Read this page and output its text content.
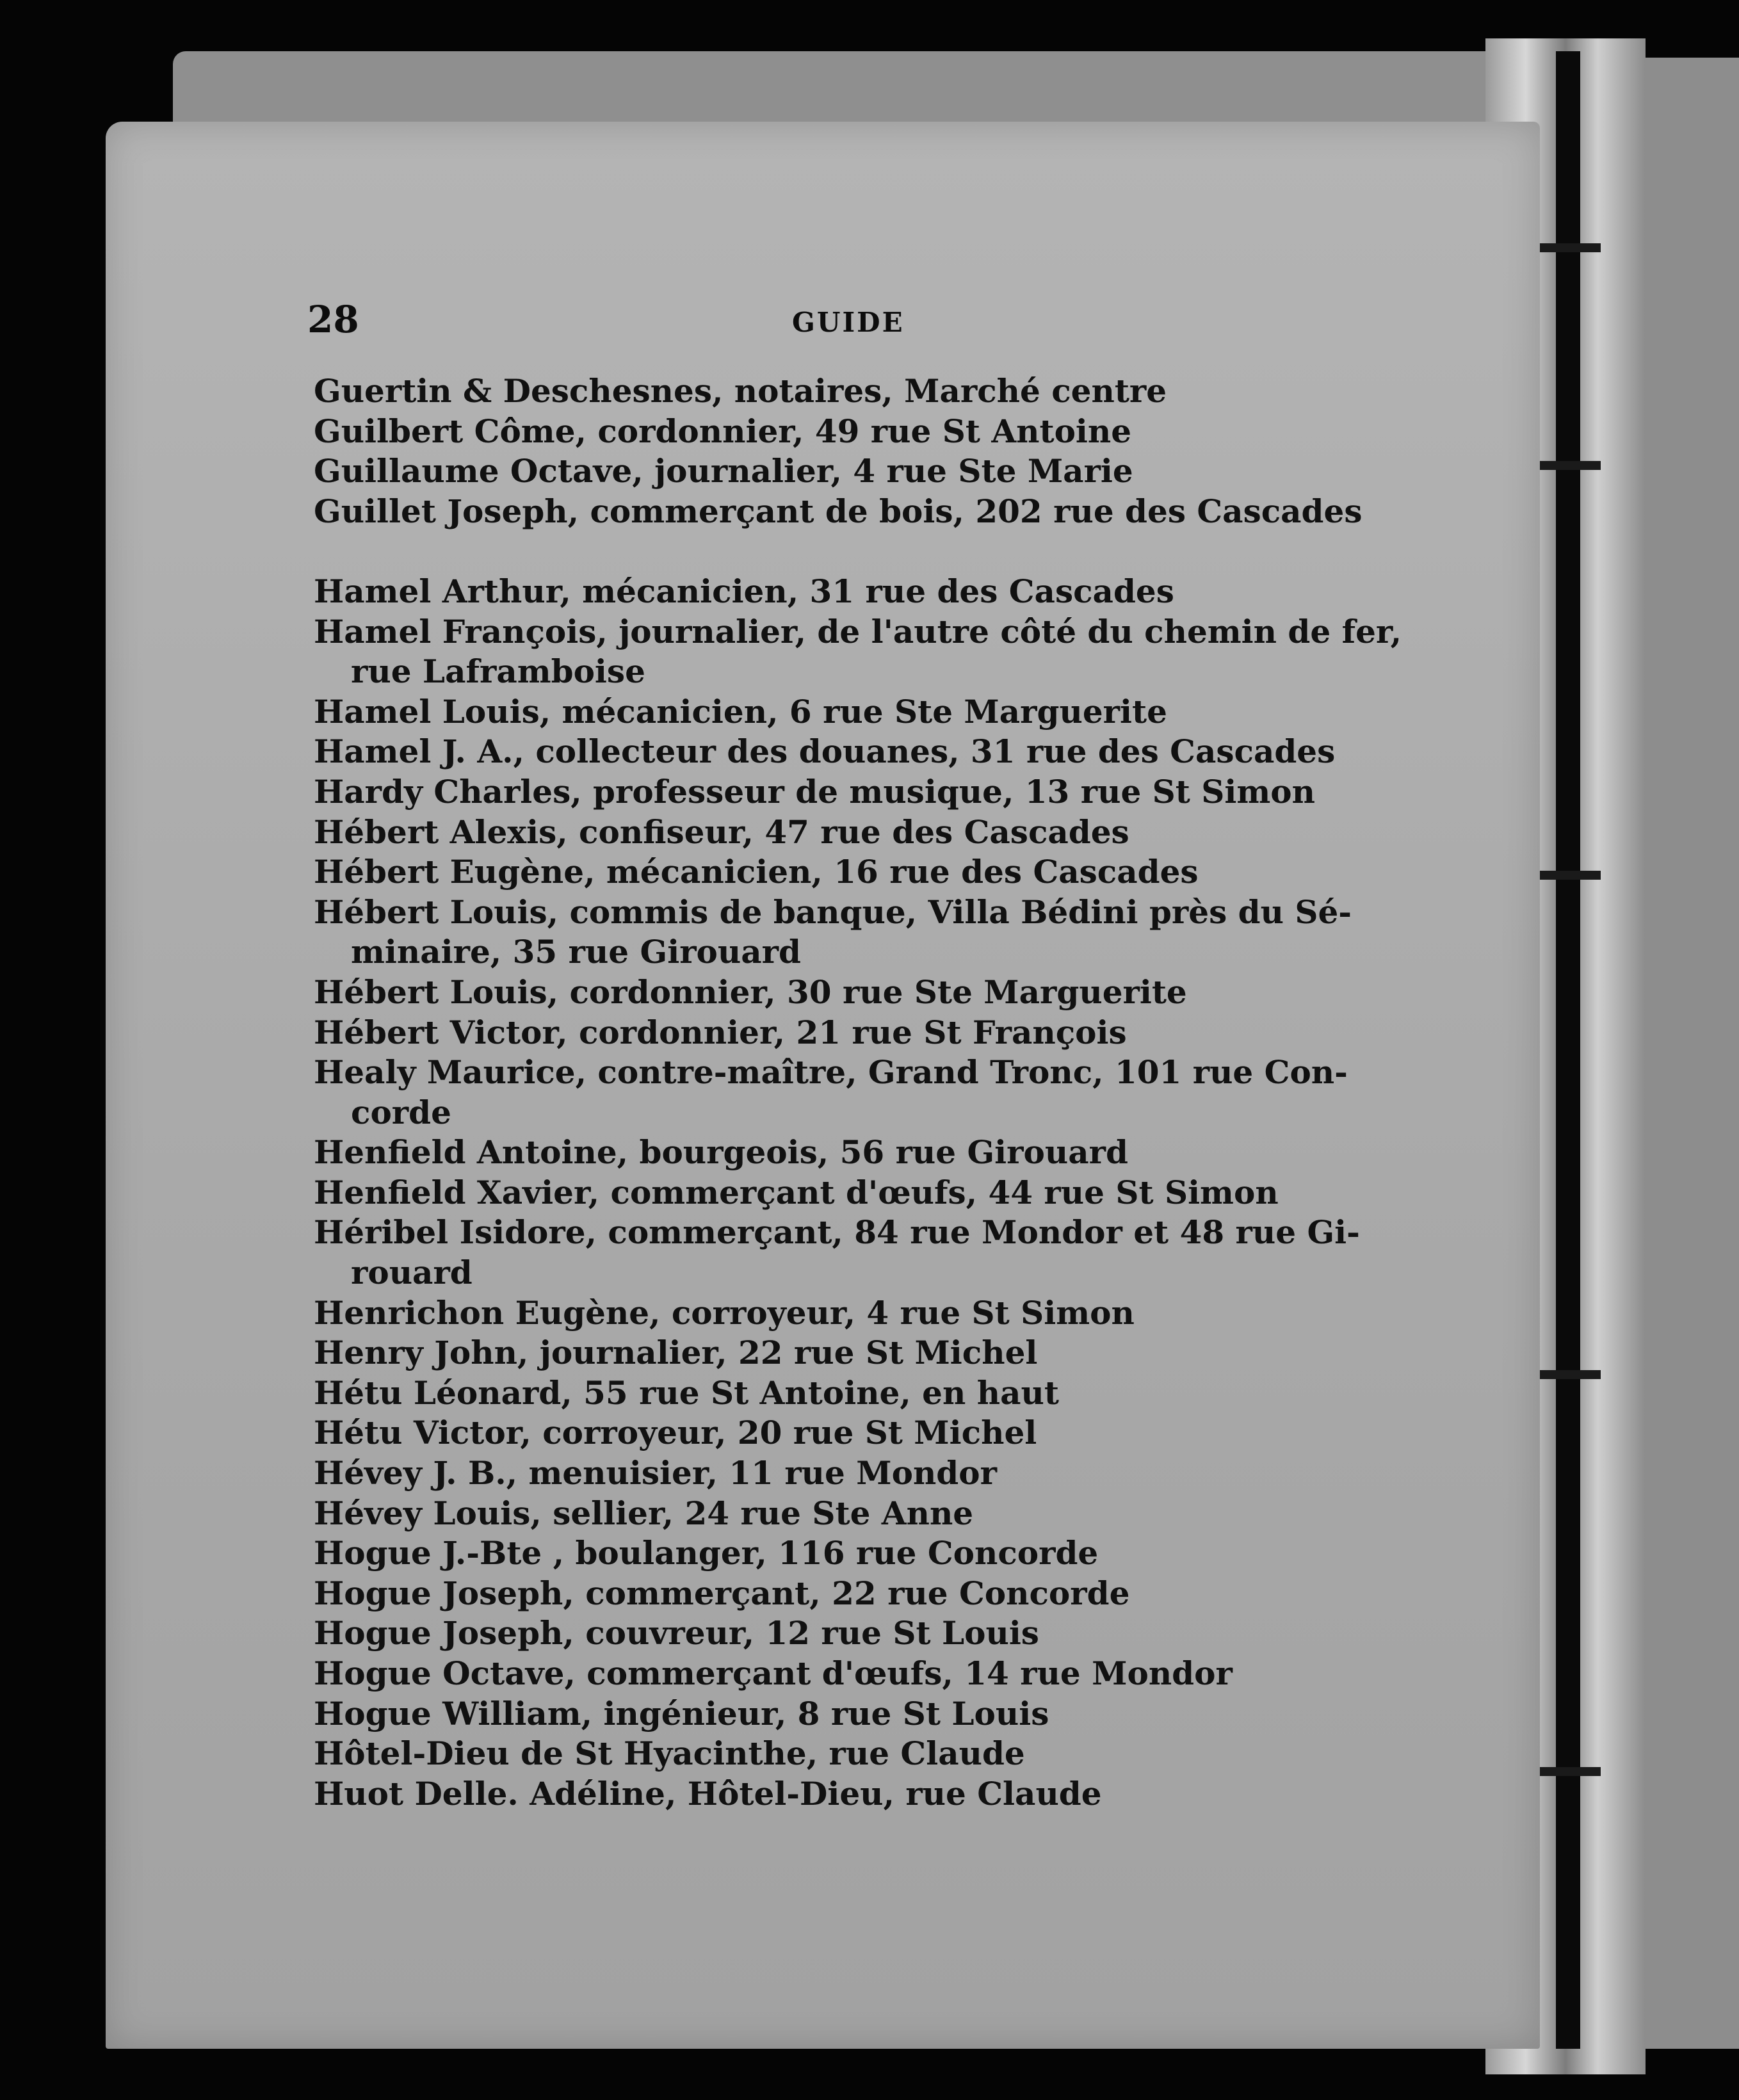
28	GUIDE
Guertin & Deschesnes, notaires, Marché centre
Guilbert Côme, cordonnier, 49 rue St Antoine
Guillaume Octave, journalier, 4 rue Ste Marie
Guillet Joseph, commerçant de bois, 202 rue des Cascades
Hamel Arthur, mécanicien, 31 rue des Cascades
Hamel François, journalier, de l'autre côté du chemin de fer,
rue Laframboise
Hamel Louis, mécanicien, 6 rue Ste Marguerite
Hamel J. A., collecteur des douanes, 31 rue des Cascades
Hardy Charles, professeur de musique, 13 rue St Simon
Hébert Alexis, confiseur, 47 rue des Cascades
Hébert Eugène, mécanicien, 16 rue des Cascades
Hébert Louis, commis de banque, Villa Bédini près du Sé-
minaire, 35 rue Girouard
Hébert Louis, cordonnier, 30 rue Ste Marguerite
Hébert Victor, cordonnier, 21 rue St François
Healy Maurice, contre-maître, Grand Tronc, 101 rue Con-
corde
Henfield Antoine, bourgeois, 56 rue Girouard
Henfield Xavier, commerçant d'œufs, 44 rue St Simon
Héribel Isidore, commerçant, 84 rue Mondor et 48 rue Gi-
rouard
Henrichon Eugène, corroyeur, 4 rue St Simon
Henry John, journalier, 22 rue St Michel
Hétu Léonard, 55 rue St Antoine, en haut
Hétu Victor, corroyeur, 20 rue St Michel
Hévey J. B., menuisier, 11 rue Mondor
Hévey Louis, sellier, 24 rue Ste Anne
Hogue J.-Bte , boulanger, 116 rue Concorde
Hogue Joseph, commerçant, 22 rue Concorde
Hogue Joseph, couvreur, 12 rue St Louis
Hogue Octave, commerçant d'œufs, 14 rue Mondor
Hogue William, ingénieur, 8 rue St Louis
Hôtel-Dieu de St Hyacinthe, rue Claude
Huot Delle. Adéline, Hôtel-Dieu, rue Claude
